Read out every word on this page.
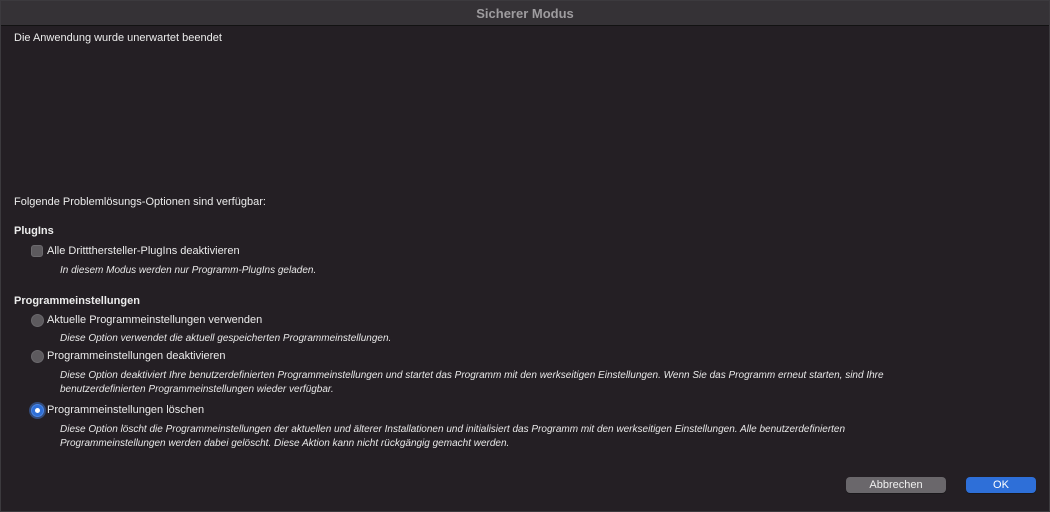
Sicherer Modus
Die Anwendung wurde unerwartet beendet
Folgende Problemlösungs-Optionen sind verfügbar:
PlugIns
Alle Drittthersteller-PlugIns deaktivieren
In diesem Modus werden nur Programm-PlugIns geladen.
Programmeinstellungen
Aktuelle Programmeinstellungen verwenden
Diese Option verwendet die aktuell gespeicherten Programmeinstellungen.
Programmeinstellungen deaktivieren
Diese Option deaktiviert Ihre benutzerdefinierten Programmeinstellungen und startet das Programm mit den werkseitigen Einstellungen. Wenn Sie das Programm erneut starten, sind Ihre
benutzerdefinierten Programmeinstellungen wieder verfügbar.
Programmeinstellungen löschen
Diese Option löscht die Programmeinstellungen der aktuellen und älterer Installationen und initialisiert das Programm mit den werkseitigen Einstellungen. Alle benutzerdefinierten
Programmeinstellungen werden dabei gelöscht. Diese Aktion kann nicht rückgängig gemacht werden.
Abbrechen	OK
